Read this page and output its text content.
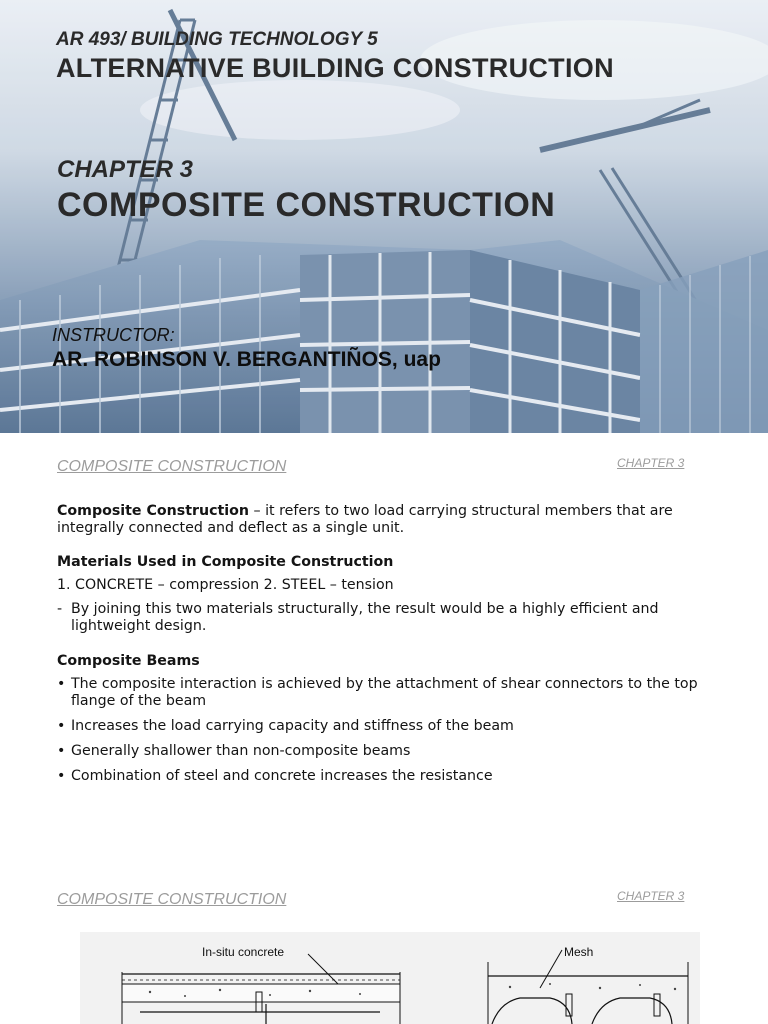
AR 493/ BUILDING TECHNOLOGY 5
ALTERNATIVE BUILDING CONSTRUCTION
CHAPTER 3
COMPOSITE CONSTRUCTION
INSTRUCTOR:
AR. ROBINSON V. BERGANTIÑOS, uap
COMPOSITE CONSTRUCTION	CHAPTER 3

Composite Construction – it refers to two load carrying structural members that are integrally connected and deflect as a single unit.

Materials Used in Composite Construction

1. CONCRETE – compression 2. STEEL – tension

- By joining this two materials structurally, the result would be a highly efficient and lightweight design.

Composite Beams

• The composite interaction is achieved by the attachment of shear connectors to the top flange of the beam
• Increases the load carrying capacity and stiffness of the beam
• Generally shallower than non-composite beams
• Combination of steel and concrete increases the resistance
COMPOSITE CONSTRUCTION	CHAPTER 3
In-situ concrete	Mesh
